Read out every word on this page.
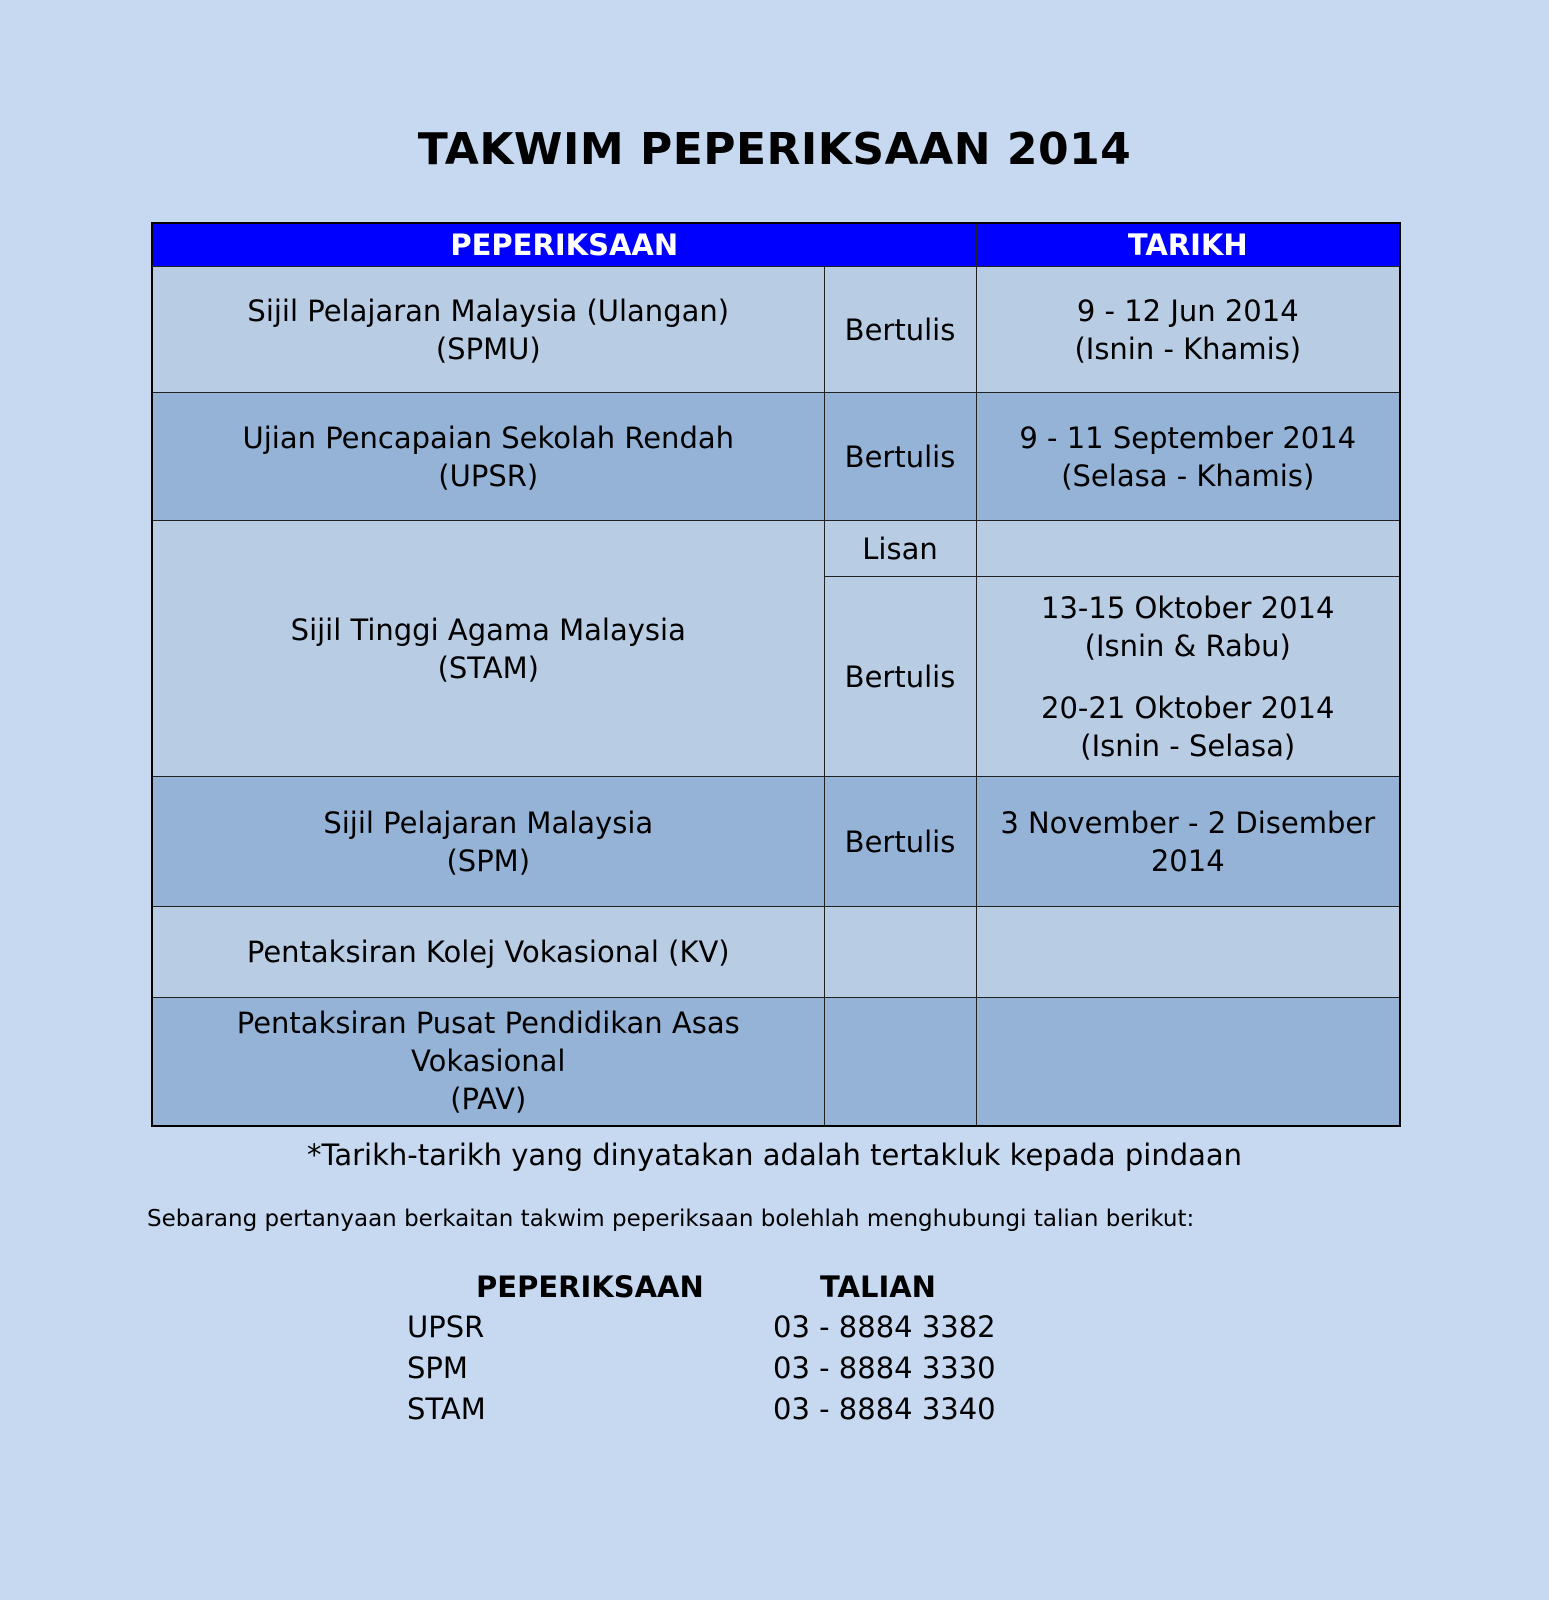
TAKWIM PEPERIKSAAN 2014
PEPERIKSAAN		TARIKH

Sijil Pelajaran Malaysia (Ulangan)
(SPMU)	Bertulis	9 - 12 Jun 2014
(Isnin - Khamis)

Ujian Pencapaian Sekolah Rendah
(UPSR)	Bertulis	9 - 11 September 2014
(Selasa - Khamis)

Sijil Tinggi Agama Malaysia
(STAM)	Lisan	
	Bertulis	13-15 Oktober 2014
(Isnin & Rabu)
20-21 Oktober 2014
(Isnin - Selasa)

Sijil Pelajaran Malaysia
(SPM)	Bertulis	3 November - 2 Disember
2014

Pentaksiran Kolej Vokasional (KV)		

Pentaksiran Pusat Pendidikan Asas Vokasional
(PAV)		

*Tarikh-tarikh yang dinyatakan adalah tertakluk kepada pindaan
Sebarang pertanyaan berkaitan takwim peperiksaan bolehlah menghubungi talian berikut:
PEPERIKSAAN	TALIAN
UPSR	03 - 8884 3382
SPM	03 - 8884 3330
STAM	03 - 8884 3340
